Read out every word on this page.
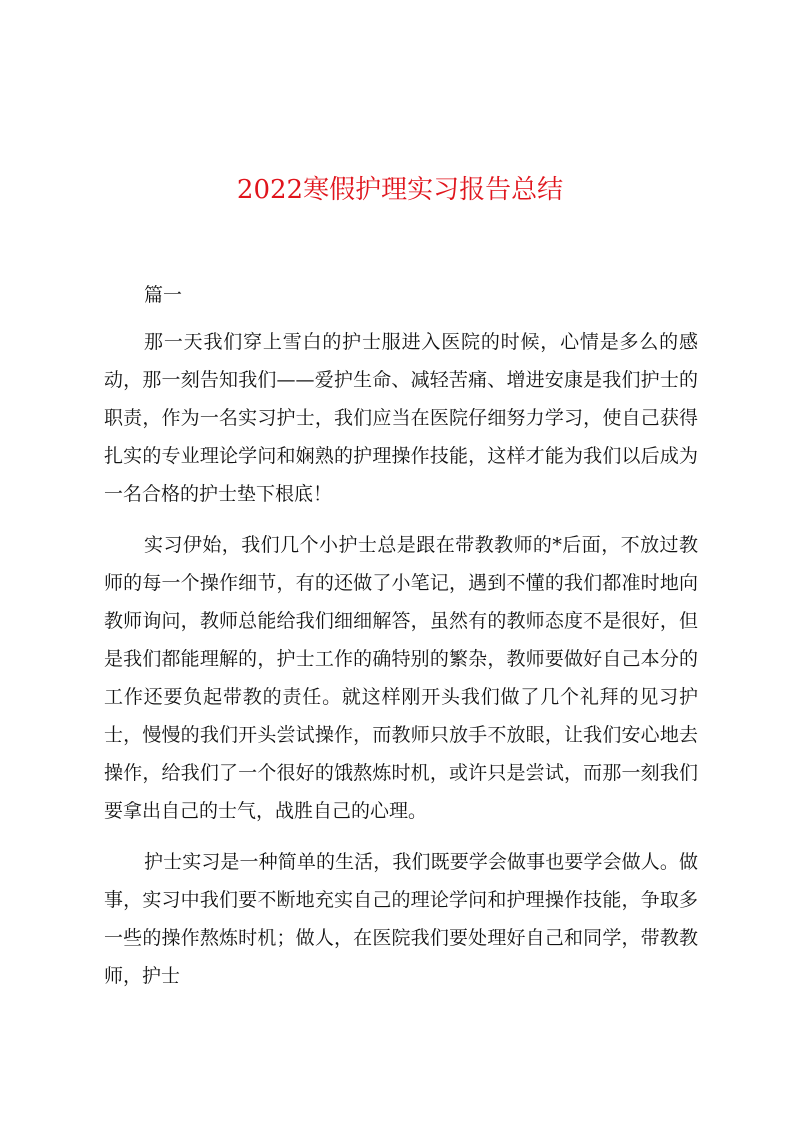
2022寒假护理实习报告总结

篇一

那一天我们穿上雪白的护士服进入医院的时候，心情是多么的感动，那一刻告知我们——爱护生命、减轻苦痛、增进安康是我们护士的职责，作为一名实习护士，我们应当在医院仔细努力学习，使自己获得扎实的专业理论学问和娴熟的护理操作技能，这样才能为我们以后成为一名合格的护士垫下根底！

实习伊始，我们几个小护士总是跟在带教教师的*后面，不放过教师的每一个操作细节，有的还做了小笔记，遇到不懂的我们都准时地向教师询问，教师总能给我们细细解答，虽然有的教师态度不是很好，但是我们都能理解的，护士工作的确特别的繁杂，教师要做好自己本分的工作还要负起带教的责任。就这样刚开头我们做了几个礼拜的见习护士，慢慢的我们开头尝试操作，而教师只放手不放眼，让我们安心地去操作，给我们了一个很好的饿熬炼时机，或许只是尝试，而那一刻我们要拿出自己的士气，战胜自己的心理。

护士实习是一种简单的生活，我们既要学会做事也要学会做人。做事，实习中我们要不断地充实自己的理论学问和护理操作技能，争取多一些的操作熬炼时机；做人，在医院我们要处理好自己和同学，带教教师，护士
